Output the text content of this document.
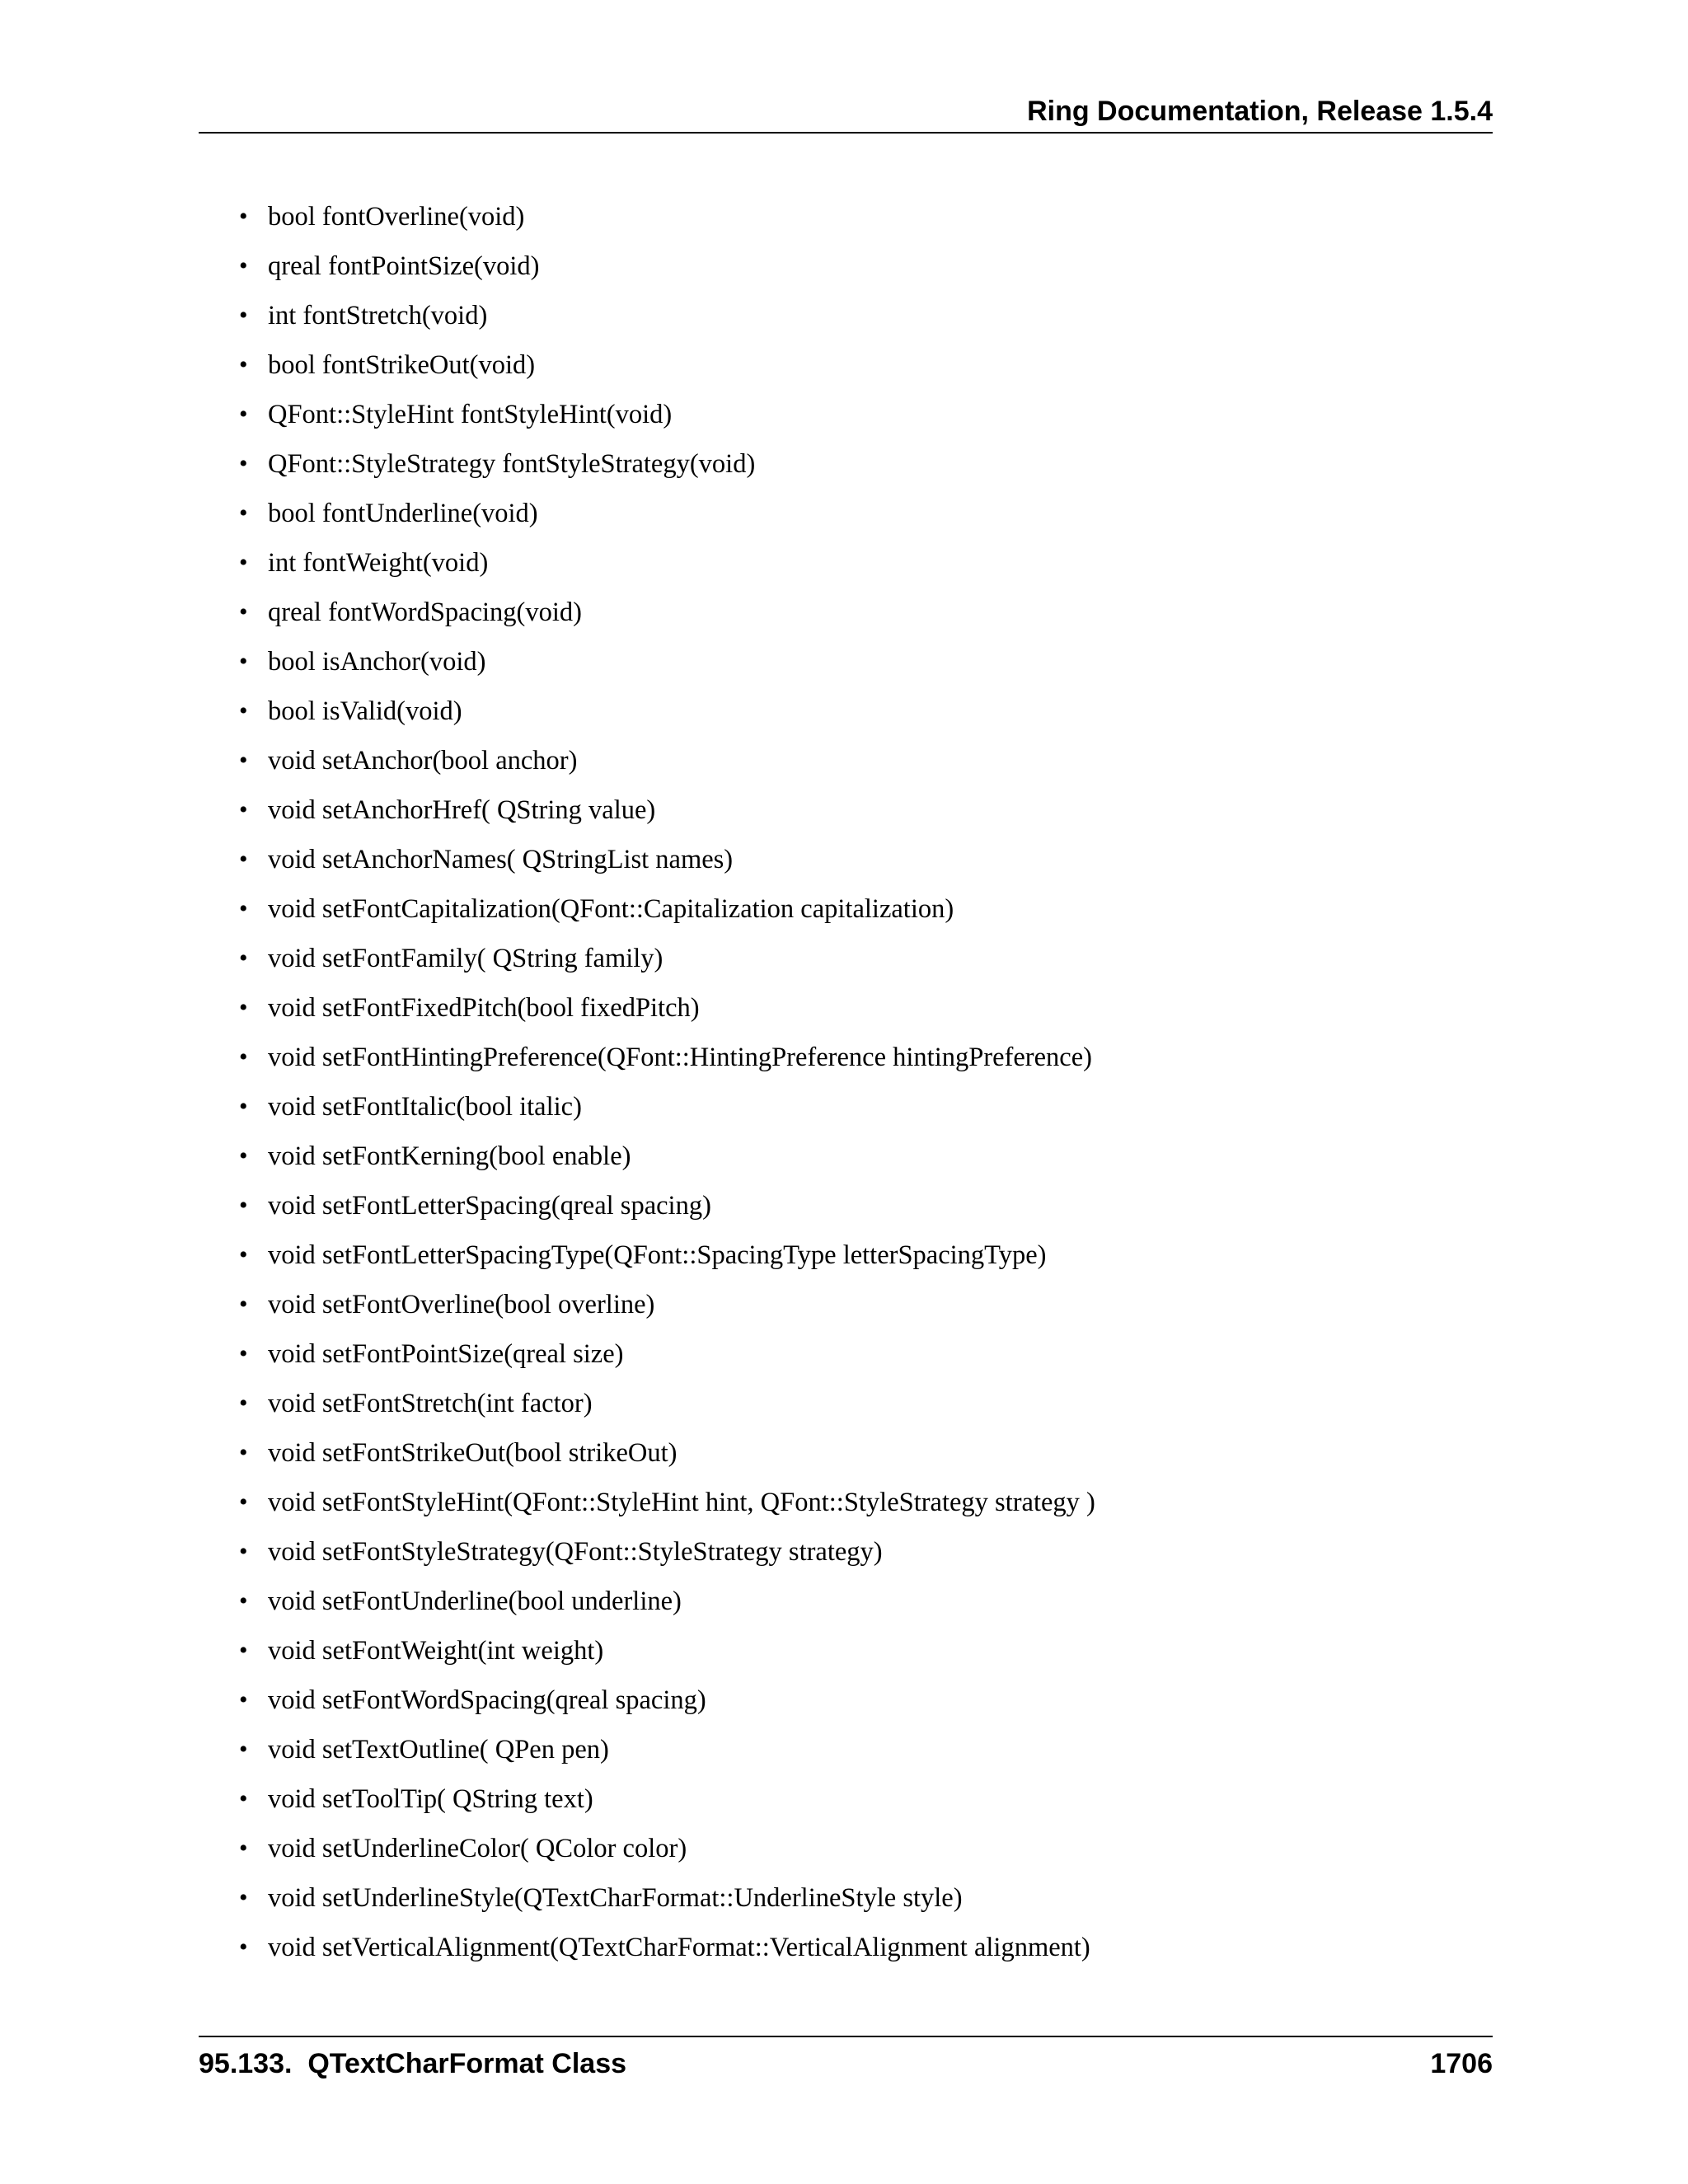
Ring Documentation, Release 1.5.4
• bool fontOverline(void)
• qreal fontPointSize(void)
• int fontStretch(void)
• bool fontStrikeOut(void)
• QFont::StyleHint fontStyleHint(void)
• QFont::StyleStrategy fontStyleStrategy(void)
• bool fontUnderline(void)
• int fontWeight(void)
• qreal fontWordSpacing(void)
• bool isAnchor(void)
• bool isValid(void)
• void setAnchor(bool anchor)
• void setAnchorHref( QString value)
• void setAnchorNames( QStringList names)
• void setFontCapitalization(QFont::Capitalization capitalization)
• void setFontFamily( QString family)
• void setFontFixedPitch(bool fixedPitch)
• void setFontHintingPreference(QFont::HintingPreference hintingPreference)
• void setFontItalic(bool italic)
• void setFontKerning(bool enable)
• void setFontLetterSpacing(qreal spacing)
• void setFontLetterSpacingType(QFont::SpacingType letterSpacingType)
• void setFontOverline(bool overline)
• void setFontPointSize(qreal size)
• void setFontStretch(int factor)
• void setFontStrikeOut(bool strikeOut)
• void setFontStyleHint(QFont::StyleHint hint, QFont::StyleStrategy strategy )
• void setFontStyleStrategy(QFont::StyleStrategy strategy)
• void setFontUnderline(bool underline)
• void setFontWeight(int weight)
• void setFontWordSpacing(qreal spacing)
• void setTextOutline( QPen pen)
• void setToolTip( QString text)
• void setUnderlineColor( QColor color)
• void setUnderlineStyle(QTextCharFormat::UnderlineStyle style)
• void setVerticalAlignment(QTextCharFormat::VerticalAlignment alignment)
95.133.  QTextCharFormat Class	1706
